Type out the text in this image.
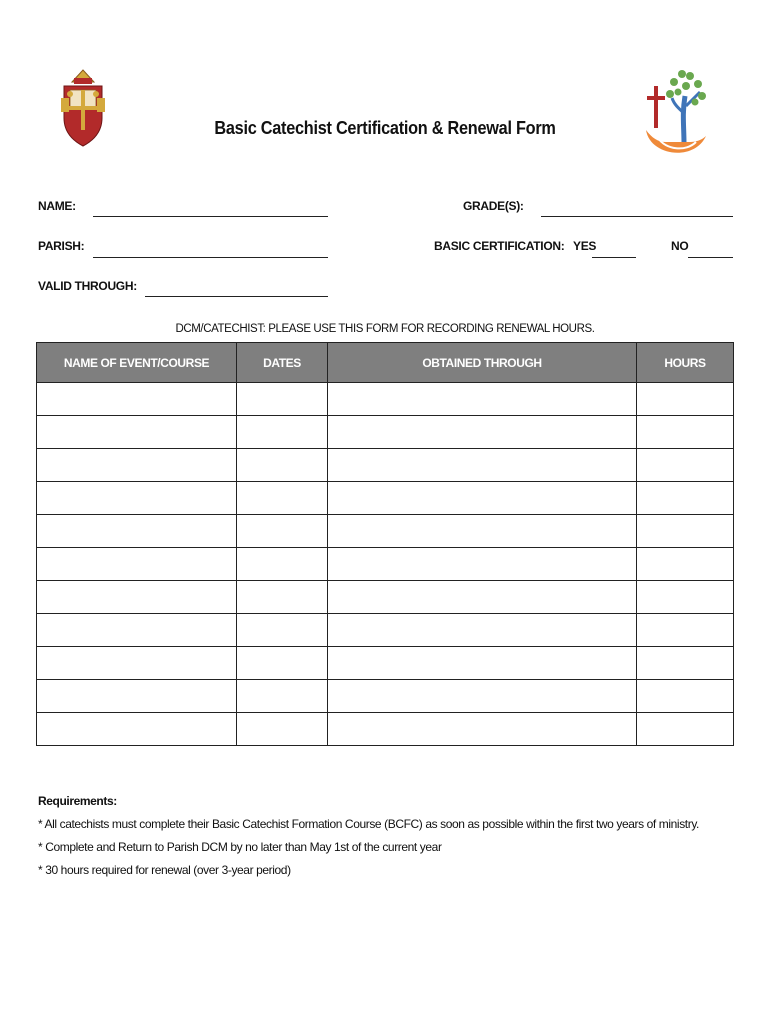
Basic Catechist Certification & Renewal Form
NAME:	GRADE(S):
PARISH:	BASIC CERTIFICATION: YES	NO
VALID THROUGH:
DCM/CATECHIST: PLEASE USE THIS FORM FOR RECORDING RENEWAL HOURS.
NAME OF EVENT/COURSE	DATES	OBTAINED THROUGH	HOURS

Requirements:
* All catechists must complete their Basic Catechist Formation Course (BCFC) as soon as possible within the first two years of ministry.
* Complete and Return to Parish DCM by no later than May 1st of the current year
* 30 hours required for renewal (over 3-year period)
